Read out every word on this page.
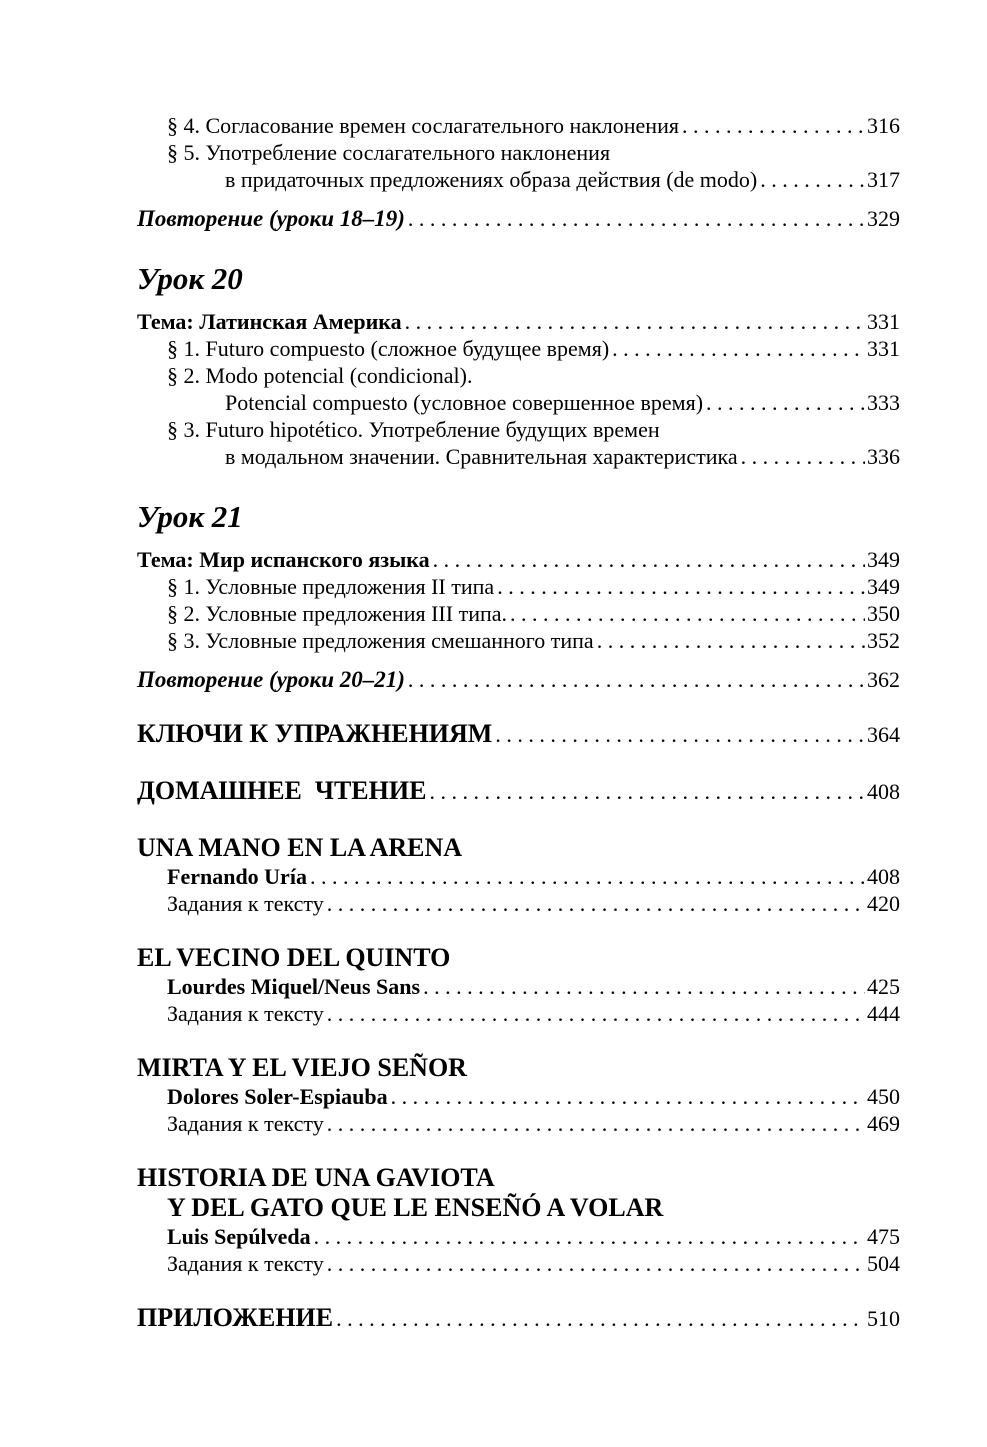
§ 4. Согласование времен сослагательного наклонения . . .	316
§ 5. Употребление сослагательного наклонения
в придаточных предложениях образа действия (de modo) . . .	317
Повторение (уроки 18–19) . . .	329
Урок 20
Тема: Латинская Америка . . .	331
§ 1. Futuro compuesto (сложное будущее время) . . .	331
§ 2. Modo potencial (condicional).
Potencial compuesto (условное совершенное время) . . .	333
§ 3. Futuro hipotético. Употребление будущих времен
в модальном значении. Сравнительная характеристика . . .	336
Урок 21
Тема: Мир испанского языка . . .	349
§ 1. Условные предложения II типа . . .	349
§ 2. Условные предложения III типа. . . .	350
§ 3. Условные предложения смешанного типа . . .	352
Повторение (уроки 20–21) . . .	362
КЛЮЧИ К УПРАЖНЕНИЯМ . . .	364
ДОМАШНЕЕ  ЧТЕНИЕ . . .	408
UNA MANO EN LA ARENA
Fernando Uría . . .	408
Задания к тексту . . .	420
EL VECINO DEL QUINTO
Lourdes Miquel/Neus Sans . . .	425
Задания к тексту . . .	444
MIRTA Y EL VIEJO SEÑOR
Dolores Soler-Espiauba . . .	450
Задания к тексту . . .	469
HISTORIA DE UNA GAVIOTA
Y DEL GATO QUE LE ENSEÑÓ A VOLAR
Luis Sepúlveda . . .	475
Задания к тексту . . .	504
ПРИЛОЖЕНИЕ . . .	510
